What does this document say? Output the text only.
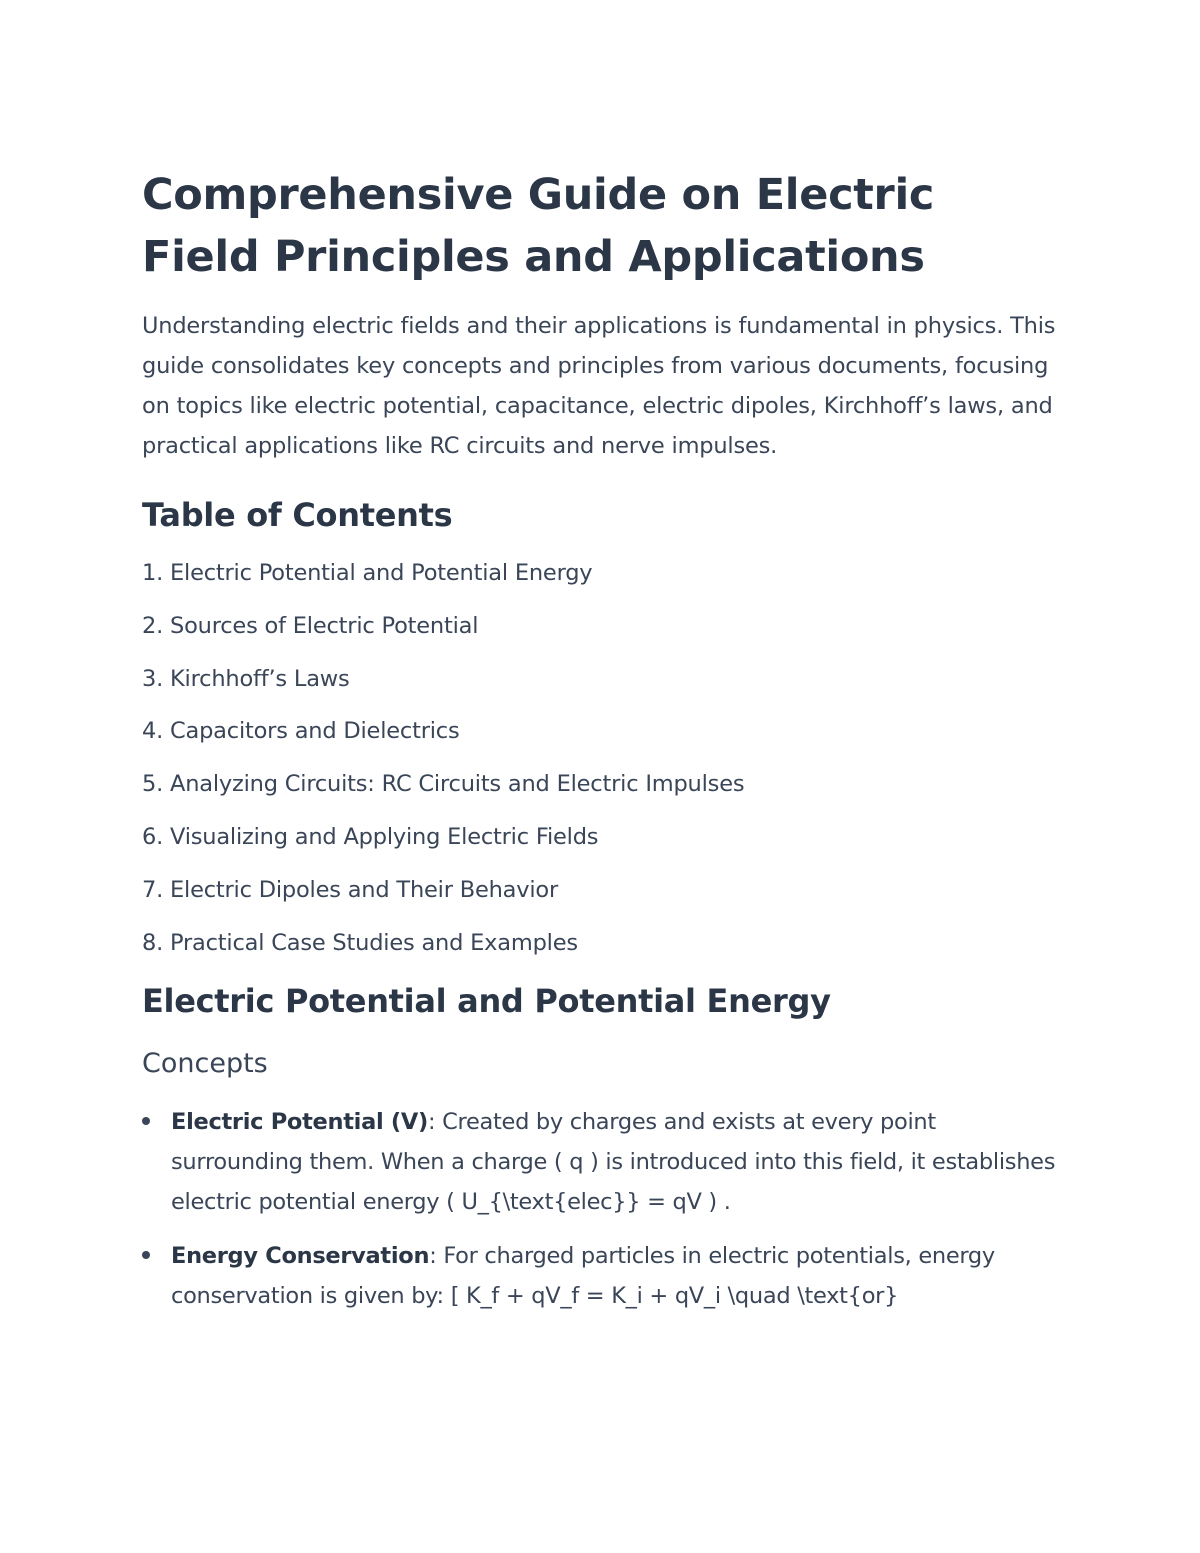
Comprehensive Guide on Electric Field Principles and Applications

Understanding electric fields and their applications is fundamental in physics. This guide consolidates key concepts and principles from various documents, focusing on topics like electric potential, capacitance, electric dipoles, Kirchhoff’s laws, and practical applications like RC circuits and nerve impulses.

Table of Contents
1. Electric Potential and Potential Energy
2. Sources of Electric Potential
3. Kirchhoff’s Laws
4. Capacitors and Dielectrics
5. Analyzing Circuits: RC Circuits and Electric Impulses
6. Visualizing and Applying Electric Fields
7. Electric Dipoles and Their Behavior
8. Practical Case Studies and Examples
Electric Potential and Potential Energy
Concepts
Electric Potential (V): Created by charges and exists at every point surrounding them. When a charge ( q ) is introduced into this field, it establishes electric potential energy ( U_{\text{elec}} = qV ) .
Energy Conservation: For charged particles in electric potentials, energy conservation is given by: [ K_f + qV_f = K_i + qV_i \quad \text{or}
